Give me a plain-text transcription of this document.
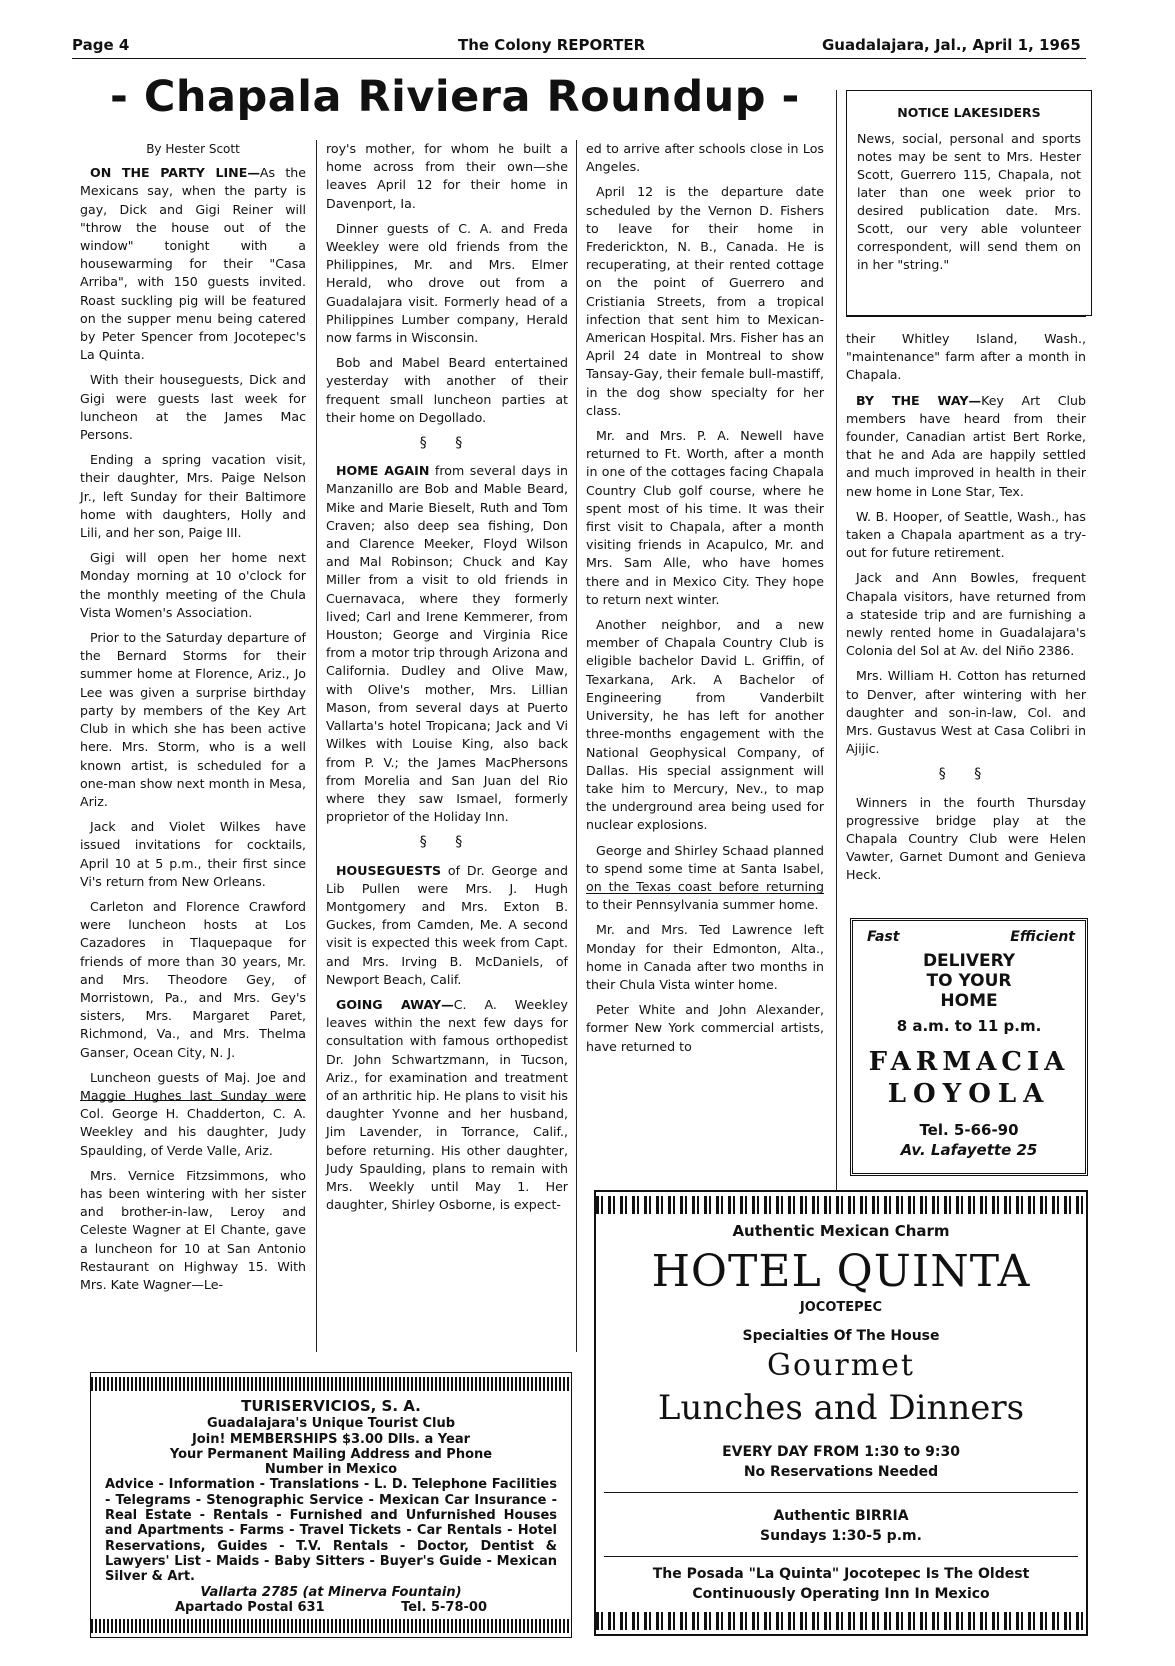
Page 4	The Colony REPORTER	Guadalajara, Jal., April 1, 1965
- Chapala Riviera Roundup -	NOTICE LAKESIDERS
News, social, personal and sports notes may be sent to Mrs. Hester Scott, Guerrero 115, Chapala, not later than one week prior to desired publication date. Mrs. Scott, our very able volunteer correspondent, will send them on in her "string."

By Hester Scott

ON THE PARTY LINE—As the Mexicans say, when the party is gay, Dick and Gigi Reiner will "throw the house out of the window" tonight with a housewarming for their "Casa Arriba", with 150 guests invited. Roast suckling pig will be featured on the supper menu being catered by Peter Spencer from Jocotepec's La Quinta.

With their houseguests, Dick and Gigi were guests last week for luncheon at the James Mac Persons.

Ending a spring vacation visit, their daughter, Mrs. Paige Nelson Jr., left Sunday for their Baltimore home with daughters, Holly and Lili, and her son, Paige III.

Gigi will open her home next Monday morning at 10 o'clock for the monthly meeting of the Chula Vista Women's Association.

Prior to the Saturday departure of the Bernard Storms for their summer home at Florence, Ariz., Jo Lee was given a surprise birthday party by members of the Key Art Club in which she has been active here. Mrs. Storm, who is a well known artist, is scheduled for a one-man show next month in Mesa, Ariz.

Jack and Violet Wilkes have issued invitations for cocktails, April 10 at 5 p.m., their first since Vi's return from New Orleans.

Carleton and Florence Crawford were luncheon hosts at Los Cazadores in Tlaquepaque for friends of more than 30 years, Mr. and Mrs. Theodore Gey, of Morristown, Pa., and Mrs. Gey's sisters, Mrs. Margaret Paret, Richmond, Va., and Mrs. Thelma Ganser, Ocean City, N. J.

Luncheon guests of Maj. Joe and Maggie Hughes last Sunday were Col. George H. Chadderton, C. A. Weekley and his daughter, Judy Spaulding, of Verde Valle, Ariz.

Mrs. Vernice Fitzsimmons, who has been wintering with her sister and brother-in-law, Leroy and Celeste Wagner at El Chante, gave a luncheon for 10 at San Antonio Restaurant on Highway 15. With Mrs. Kate Wagner—Le-

roy's mother, for whom he built a home across from their own—she leaves April 12 for their home in Davenport, Ia.

Dinner guests of C. A. and Freda Weekley were old friends from the Philippines, Mr. and Mrs. Elmer Herald, who drove out from a Guadalajara visit. Formerly head of a Philippines Lumber company, Herald now farms in Wisconsin.

Bob and Mabel Beard entertained yesterday with another of their frequent small luncheon parties at their home on Degollado.

§ §

HOME AGAIN from several days in Manzanillo are Bob and Mable Beard, Mike and Marie Bieselt, Ruth and Tom Craven; also deep sea fishing, Don and Clarence Meeker, Floyd Wilson and Mal Robinson; Chuck and Kay Miller from a visit to old friends in Cuernavaca, where they formerly lived; Carl and Irene Kemmerer, from Houston; George and Virginia Rice from a motor trip through Arizona and California. Dudley and Olive Maw, with Olive's mother, Mrs. Lillian Mason, from several days at Puerto Vallarta's hotel Tropicana; Jack and Vi Wilkes with Louise King, also back from P. V.; the James MacPhersons from Morelia and San Juan del Rio where they saw Ismael, formerly proprietor of the Holiday Inn.

§ §

HOUSEGUESTS of Dr. George and Lib Pullen were Mrs. J. Hugh Montgomery and Mrs. Exton B. Guckes, from Camden, Me. A second visit is expected this week from Capt. and Mrs. Irving B. McDaniels, of Newport Beach, Calif.

GOING AWAY—C. A. Weekley leaves within the next few days for consultation with famous orthopedist Dr. John Schwartzmann, in Tucson, Ariz., for examination and treatment of an arthritic hip. He plans to visit his daughter Yvonne and her husband, Jim Lavender, in Torrance, Calif., before returning. His other daughter, Judy Spaulding, plans to remain with Mrs. Weekly until May 1. Her daughter, Shirley Osborne, is expect-

ed to arrive after schools close in Los Angeles.

April 12 is the departure date scheduled by the Vernon D. Fishers to leave for their home in Frederickton, N. B., Canada. He is recuperating, at their rented cottage on the point of Guerrero and Cristiania Streets, from a tropical infection that sent him to Mexican-American Hospital. Mrs. Fisher has an April 24 date in Montreal to show Tansay-Gay, their female bull-mastiff, in the dog show specialty for her class.

Mr. and Mrs. P. A. Newell have returned to Ft. Worth, after a month in one of the cottages facing Chapala Country Club golf course, where he spent most of his time. It was their first visit to Chapala, after a month visiting friends in Acapulco, Mr. and Mrs. Sam Alle, who have homes there and in Mexico City. They hope to return next winter.

Another neighbor, and a new member of Chapala Country Club is eligible bachelor David L. Griffin, of Texarkana, Ark. A Bachelor of Engineering from Vanderbilt University, he has left for another three-months engagement with the National Geophysical Company, of Dallas. His special assignment will take him to Mercury, Nev., to map the underground area being used for nuclear explosions.

George and Shirley Schaad planned to spend some time at Santa Isabel, on the Texas coast before returning to their Pennsylvania summer home.

Mr. and Mrs. Ted Lawrence left Monday for their Edmonton, Alta., home in Canada after two months in their Chula Vista winter home.

Peter White and John Alexander, former New York commercial artists, have returned to

their Whitley Island, Wash., "maintenance" farm after a month in Chapala.

BY THE WAY—Key Art Club members have heard from their founder, Canadian artist Bert Rorke, that he and Ada are happily settled and much improved in health in their new home in Lone Star, Tex.

W. B. Hooper, of Seattle, Wash., has taken a Chapala apartment as a try-out for future retirement.

Jack and Ann Bowles, frequent Chapala visitors, have returned from a stateside trip and are furnishing a newly rented home in Guadalajara's Colonia del Sol at Av. del Niño 2386.

Mrs. William H. Cotton has returned to Denver, after wintering with her daughter and son-in-law, Col. and Mrs. Gustavus West at Casa Colibri in Ajijic.

§ §

Winners in the fourth Thursday progressive bridge play at the Chapala Country Club were Helen Vawter, Garnet Dumont and Genieva Heck.

Fast	Efficient
DELIVERY
TO YOUR
HOME
8 a.m. to 11 p.m.
FARMACIA
LOYOLA
Tel. 5-66-90
Av. Lafayette 25
TURISERVICIOS, S. A.
Guadalajara's Unique Tourist Club
Join! MEMBERSHIPS $3.00 Dlls. a Year
Your Permanent Mailing Address and Phone
Number in Mexico
Advice - Information - Translations - L. D. Telephone Facilities - Telegrams - Stenographic Service - Mexican Car Insurance - Real Estate - Rentals - Furnished and Unfurnished Houses and Apartments - Farms - Travel Tickets - Car Rentals - Hotel Reservations, Guides - T.V. Rentals - Doctor, Dentist & Lawyers' List - Maids - Baby Sitters - Buyer's Guide - Mexican Silver & Art.
Vallarta 2785 (at Minerva Fountain)
Apartado Postal 631	Tel. 5-78-00
Authentic Mexican Charm
HOTEL QUINTA
JOCOTEPEC
Specialties Of The House
Gourmet
Lunches and Dinners
EVERY DAY FROM 1:30 to 9:30
No Reservations Needed
Authentic BIRRIA
Sundays 1:30-5 p.m.
The Posada "La Quinta" Jocotepec Is The Oldest
Continuously Operating Inn In Mexico
